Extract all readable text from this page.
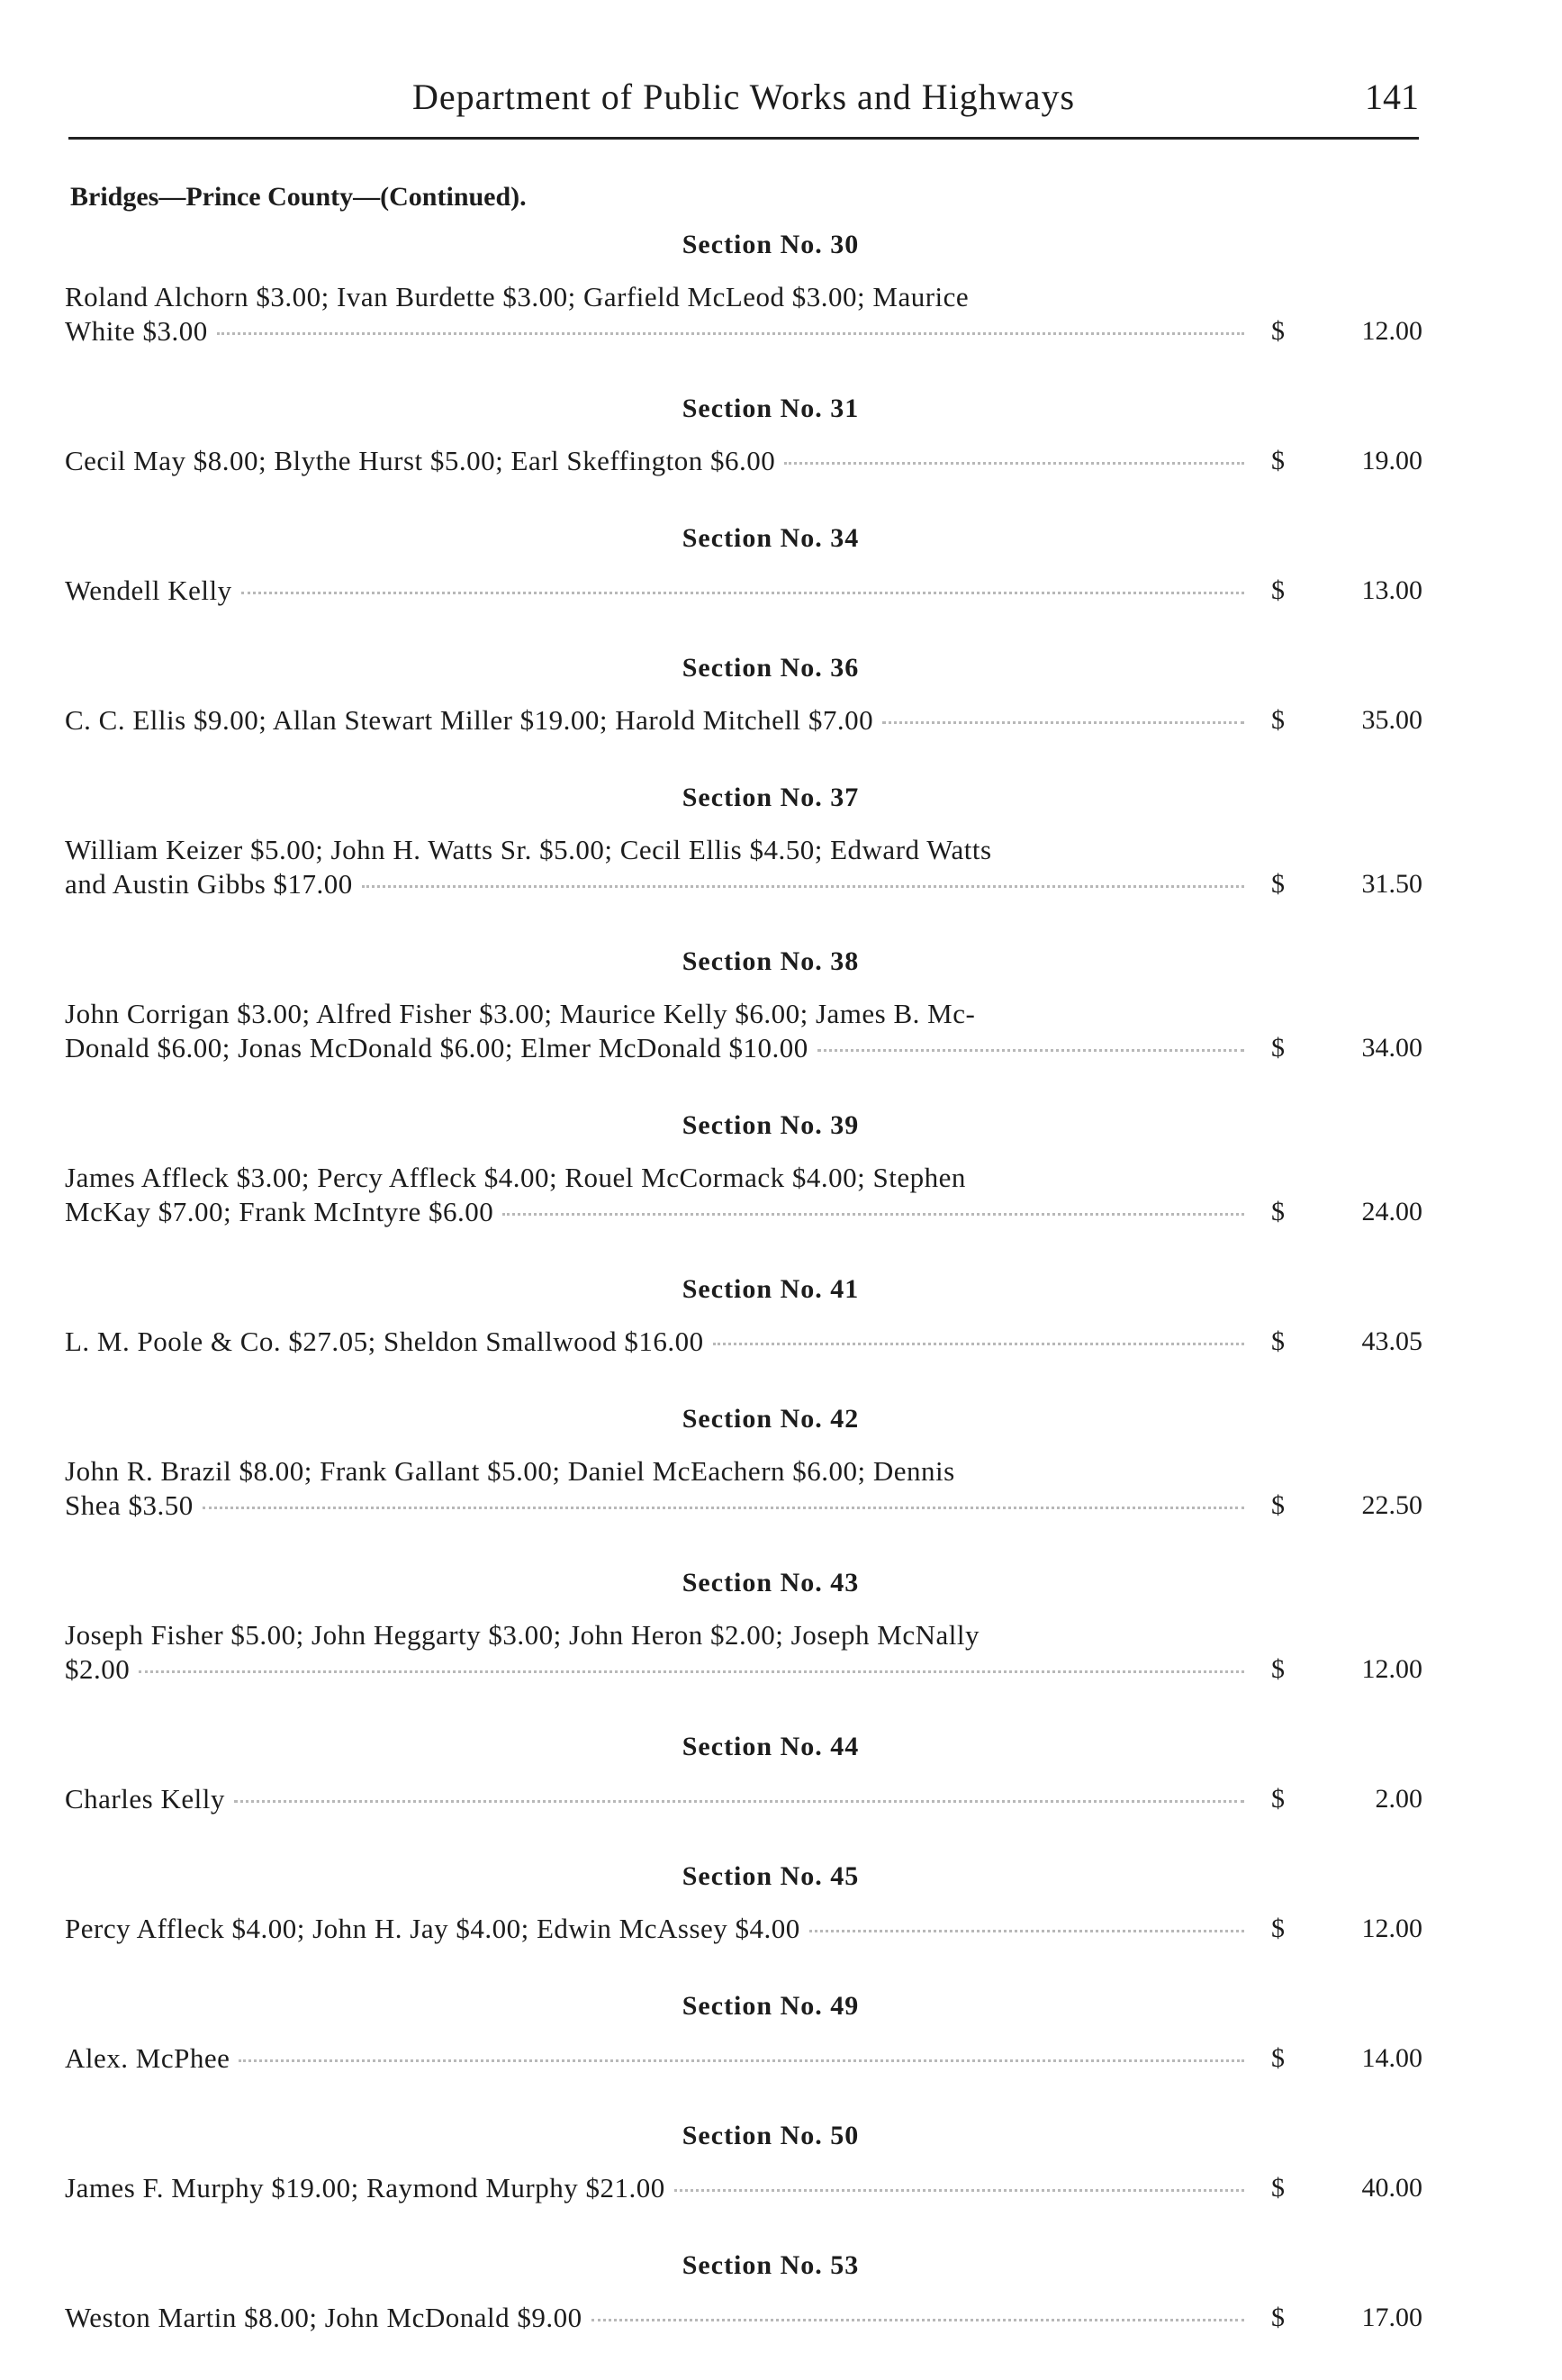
Department of Public Works and Highways	141
Bridges—Prince County—(Continued).
Section No. 30
Roland Alchorn $3.00; Ivan Burdette $3.00; Garfield McLeod $3.00; Maurice
White $3.00	$	12.00
Section No. 31
Cecil May $8.00; Blythe Hurst $5.00; Earl Skeffington $6.00	$	19.00
Section No. 34
Wendell Kelly	$	13.00
Section No. 36
C. C. Ellis $9.00; Allan Stewart Miller $19.00; Harold Mitchell $7.00	$	35.00
Section No. 37
William Keizer $5.00; John H. Watts Sr. $5.00; Cecil Ellis $4.50; Edward Watts
and Austin Gibbs $17.00	$	31.50
Section No. 38
John Corrigan $3.00; Alfred Fisher $3.00; Maurice Kelly $6.00; James B. Mc-
Donald $6.00; Jonas McDonald $6.00; Elmer McDonald $10.00	$	34.00
Section No. 39
James Affleck $3.00; Percy Affleck $4.00; Rouel McCormack $4.00; Stephen
McKay $7.00; Frank McIntyre $6.00	$	24.00
Section No. 41
L. M. Poole & Co. $27.05; Sheldon Smallwood $16.00	$	43.05
Section No. 42
John R. Brazil $8.00; Frank Gallant $5.00; Daniel McEachern $6.00; Dennis
Shea $3.50	$	22.50
Section No. 43
Joseph Fisher $5.00; John Heggarty $3.00; John Heron $2.00; Joseph McNally
$2.00	$	12.00
Section No. 44
Charles Kelly	$	2.00
Section No. 45
Percy Affleck $4.00; John H. Jay $4.00; Edwin McAssey $4.00	$	12.00
Section No. 49
Alex. McPhee	$	14.00
Section No. 50
James F. Murphy $19.00; Raymond Murphy $21.00	$	40.00
Section No. 53
Weston Martin $8.00; John McDonald $9.00	$	17.00
